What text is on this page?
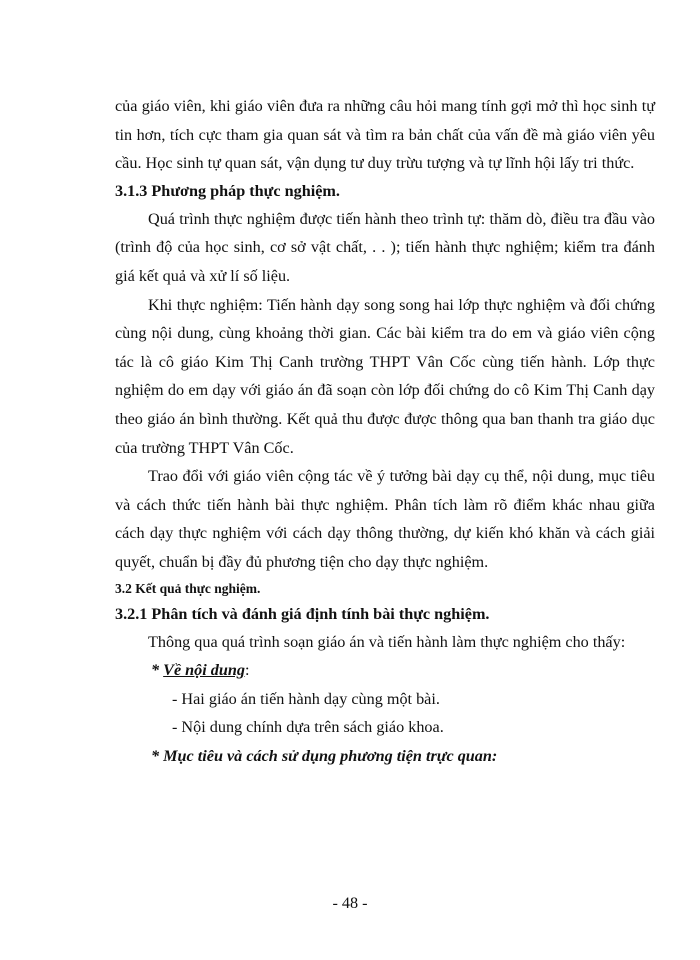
của giáo viên, khi giáo viên đưa ra những câu hỏi mang tính gợi mở thì học sinh tự tin hơn, tích cực tham gia quan sát và tìm ra bản chất của vấn đề mà giáo viên yêu cầu. Học sinh tự quan sát, vận dụng tư duy trừu tượng và tự lĩnh hội lấy tri thức.

3.1.3 Phương pháp thực nghiệm.

Quá trình thực nghiệm được tiến hành theo trình tự: thăm dò, điều tra đầu vào (trình độ của học sinh, cơ sở vật chất, . . ); tiến hành thực nghiệm; kiểm tra đánh giá kết quả và xử lí số liệu.

Khi thực nghiệm: Tiến hành dạy song song hai lớp thực nghiệm và đối chứng cùng nội dung, cùng khoảng thời gian. Các bài kiểm tra do em và giáo viên cộng tác là cô giáo Kim Thị Canh trường THPT Vân Cốc cùng tiến hành. Lớp thực nghiệm do em dạy với giáo án đã soạn còn lớp đối chứng do cô Kim Thị Canh dạy theo giáo án bình thường. Kết quả thu được được thông qua ban thanh tra giáo dục của trường THPT Vân Cốc.

Trao đổi với giáo viên cộng tác về ý tưởng bài dạy cụ thể, nội dung, mục tiêu và cách thức tiến hành bài thực nghiệm. Phân tích làm rõ điểm khác nhau giữa cách dạy thực nghiệm với cách dạy thông thường, dự kiến khó khăn và cách giải quyết, chuẩn bị đầy đủ phương tiện cho dạy thực nghiệm.

3.2 Kết quả thực nghiệm.

3.2.1 Phân tích và đánh giá định tính bài thực nghiệm.

Thông qua quá trình soạn giáo án và tiến hành làm thực nghiệm cho thấy:

* Về nội dung:

- Hai giáo án tiến hành dạy cùng một bài.

- Nội dung chính dựa trên sách giáo khoa.

* Mục tiêu và cách sử dụng phương tiện trực quan:

- 48 -
